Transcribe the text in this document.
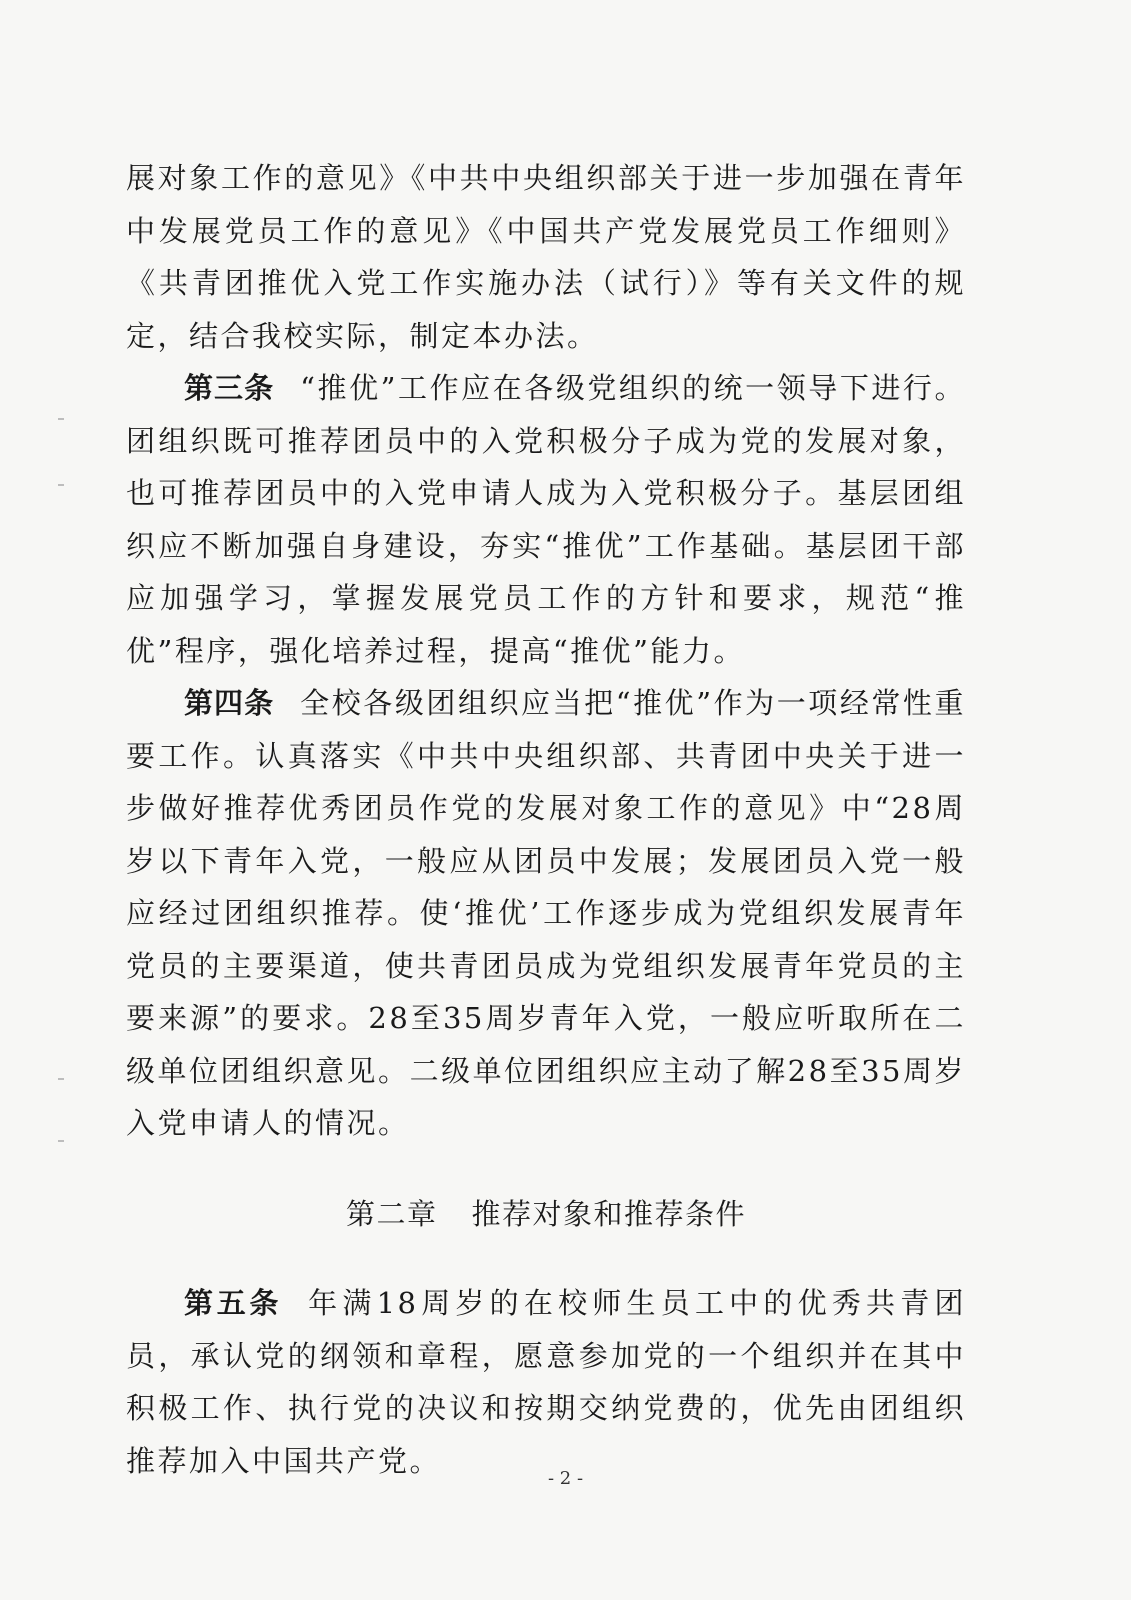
展对象工作的意见》《中共中央组织部关于进一步加强在青年中发展党员工作的意见》《中国共产党发展党员工作细则》《共青团推优入党工作实施办法（试行）》等有关文件的规定，结合我校实际，制定本办法。

第三条 “推优”工作应在各级党组织的统一领导下进行。团组织既可推荐团员中的入党积极分子成为党的发展对象，也可推荐团员中的入党申请人成为入党积极分子。基层团组织应不断加强自身建设，夯实“推优”工作基础。基层团干部应加强学习，掌握发展党员工作的方针和要求，规范“推优”程序，强化培养过程，提高“推优”能力。

第四条 全校各级团组织应当把“推优”作为一项经常性重要工作。认真落实《中共中央组织部、共青团中央关于进一步做好推荐优秀团员作党的发展对象工作的意见》中“28周岁以下青年入党，一般应从团员中发展；发展团员入党一般应经过团组织推荐。使‘推优’工作逐步成为党组织发展青年党员的主要渠道，使共青团员成为党组织发展青年党员的主要来源”的要求。28至35周岁青年入党，一般应听取所在二级单位团组织意见。二级单位团组织应主动了解28至35周岁入党申请人的情况。

第二章 推荐对象和推荐条件

第五条 年满18周岁的在校师生员工中的优秀共青团员，承认党的纲领和章程，愿意参加党的一个组织并在其中积极工作、执行党的决议和按期交纳党费的，优先由团组织推荐加入中国共产党。

- 2 -
